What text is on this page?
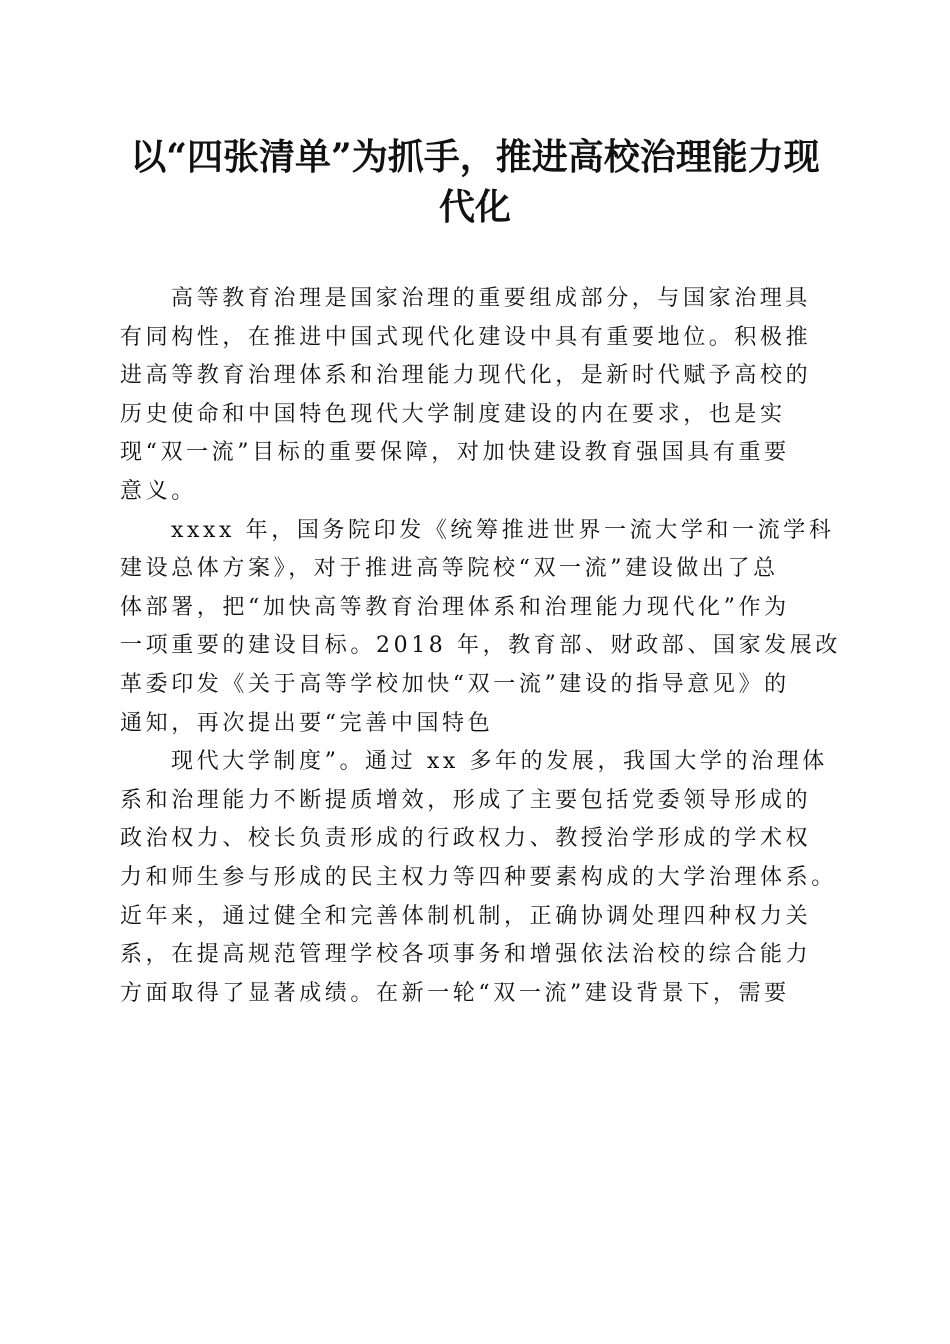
以“四张清单”为抓手，推进高校治理能力现
代化
高等教育治理是国家治理的重要组成部分，与国家治理具
有同构性，在推进中国式现代化建设中具有重要地位。积极推
进高等教育治理体系和治理能力现代化，是新时代赋予高校的
历史使命和中国特色现代大学制度建设的内在要求，也是实
现“双一流”目标的重要保障，对加快建设教育强国具有重要
意义。
xxxx 年，国务院印发《统筹推进世界一流大学和一流学科
建设总体方案》，对于推进高等院校“双一流”建设做出了总
体部署，把“加快高等教育治理体系和治理能力现代化”作为
一项重要的建设目标。2018 年，教育部、财政部、国家发展改
革委印发《关于高等学校加快“双一流”建设的指导意见》的
通知，再次提出要“完善中国特色
现代大学制度”。通过 xx 多年的发展，我国大学的治理体
系和治理能力不断提质增效，形成了主要包括党委领导形成的
政治权力、校长负责形成的行政权力、教授治学形成的学术权
力和师生参与形成的民主权力等四种要素构成的大学治理体系。
近年来，通过健全和完善体制机制，正确协调处理四种权力关
系，在提高规范管理学校各项事务和增强依法治校的综合能力
方面取得了显著成绩。在新一轮“双一流”建设背景下，需要
